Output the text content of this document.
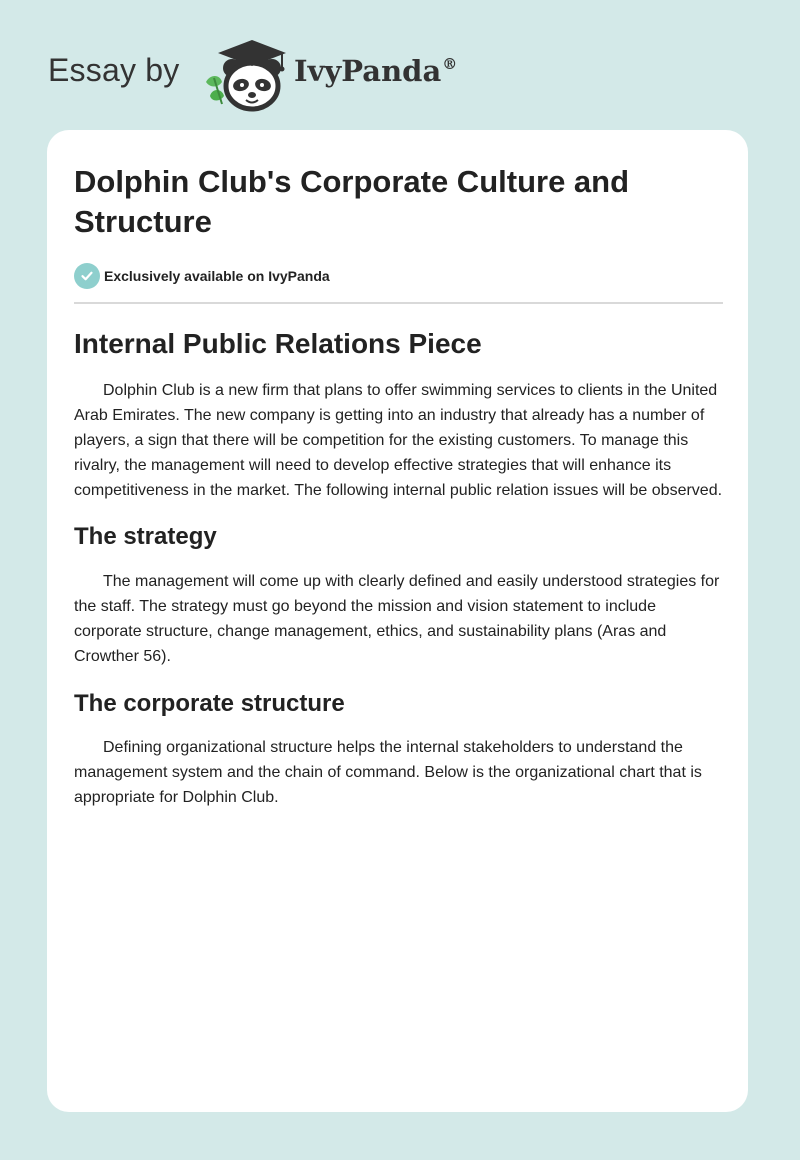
Essay by	IvyPanda®
Dolphin Club's Corporate Culture and Structure
Exclusively available on IvyPanda
Internal Public Relations Piece

Dolphin Club is a new firm that plans to offer swimming services to clients in the United Arab Emirates. The new company is getting into an industry that already has a number of players, a sign that there will be competition for the existing customers. To manage this rivalry, the management will need to develop effective strategies that will enhance its competitiveness in the market. The following internal public relation issues will be observed.

The strategy

The management will come up with clearly defined and easily understood strategies for the staff. The strategy must go beyond the mission and vision statement to include corporate structure, change management, ethics, and sustainability plans (Aras and Crowther 56).

The corporate structure

Defining organizational structure helps the internal stakeholders to understand the management system and the chain of command. Below is the organizational chart that is appropriate for Dolphin Club.
